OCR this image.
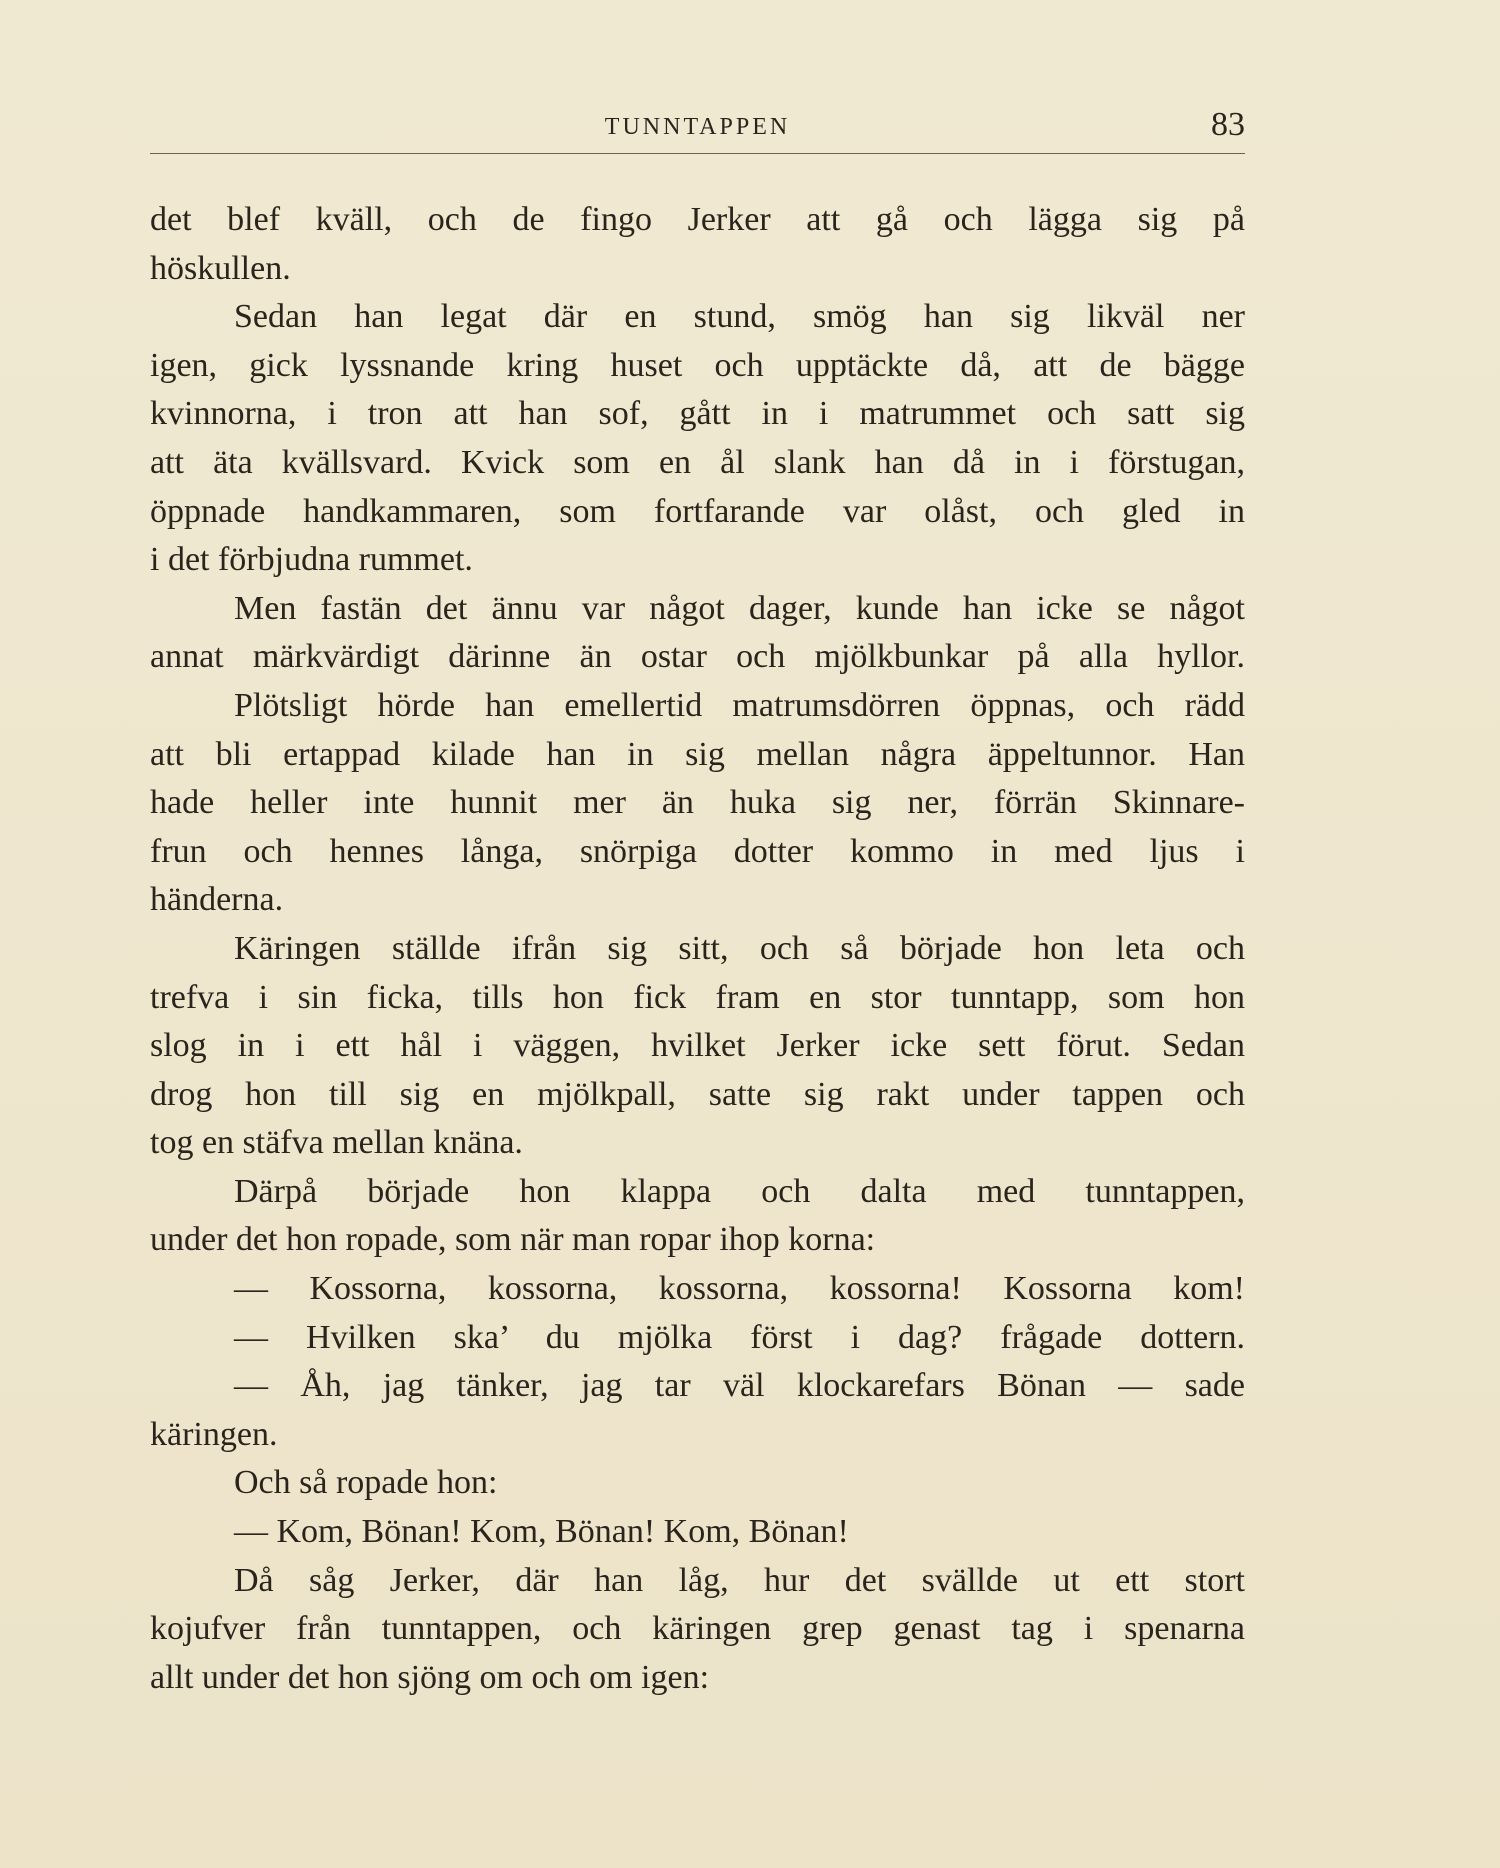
TUNNTAPPEN	83
det blef kväll, och de fingo Jerker att gå och lägga sig på
höskullen.
Sedan han legat där en stund, smög han sig likväl ner
igen, gick lyssnande kring huset och upptäckte då, att de bägge
kvinnorna, i tron att han sof, gått in i matrummet och satt sig
att äta kvällsvard. Kvick som en ål slank han då in i förstugan,
öppnade handkammaren, som fortfarande var olåst, och gled in
i det förbjudna rummet.
Men fastän det ännu var något dager, kunde han icke se något
annat märkvärdigt därinne än ostar och mjölkbunkar på alla hyllor.
Plötsligt hörde han emellertid matrumsdörren öppnas, och rädd
att bli ertappad kilade han in sig mellan några äppeltunnor. Han
hade heller inte hunnit mer än huka sig ner, förrän Skinnare-
frun och hennes långa, snörpiga dotter kommo in med ljus i
händerna.
Käringen ställde ifrån sig sitt, och så började hon leta och
trefva i sin ficka, tills hon fick fram en stor tunntapp, som hon
slog in i ett hål i väggen, hvilket Jerker icke sett förut. Sedan
drog hon till sig en mjölkpall, satte sig rakt under tappen och
tog en stäfva mellan knäna.
Därpå började hon klappa och dalta med tunntappen,
under det hon ropade, som när man ropar ihop korna:
— Kossorna, kossorna, kossorna, kossorna! Kossorna kom!
— Hvilken ska’ du mjölka först i dag? frågade dottern.
— Åh, jag tänker, jag tar väl klockarefars Bönan — sade
käringen.
Och så ropade hon:
— Kom, Bönan! Kom, Bönan! Kom, Bönan!
Då såg Jerker, där han låg, hur det svällde ut ett stort
kojufver från tunntappen, och käringen grep genast tag i spenarna
allt under det hon sjöng om och om igen:
